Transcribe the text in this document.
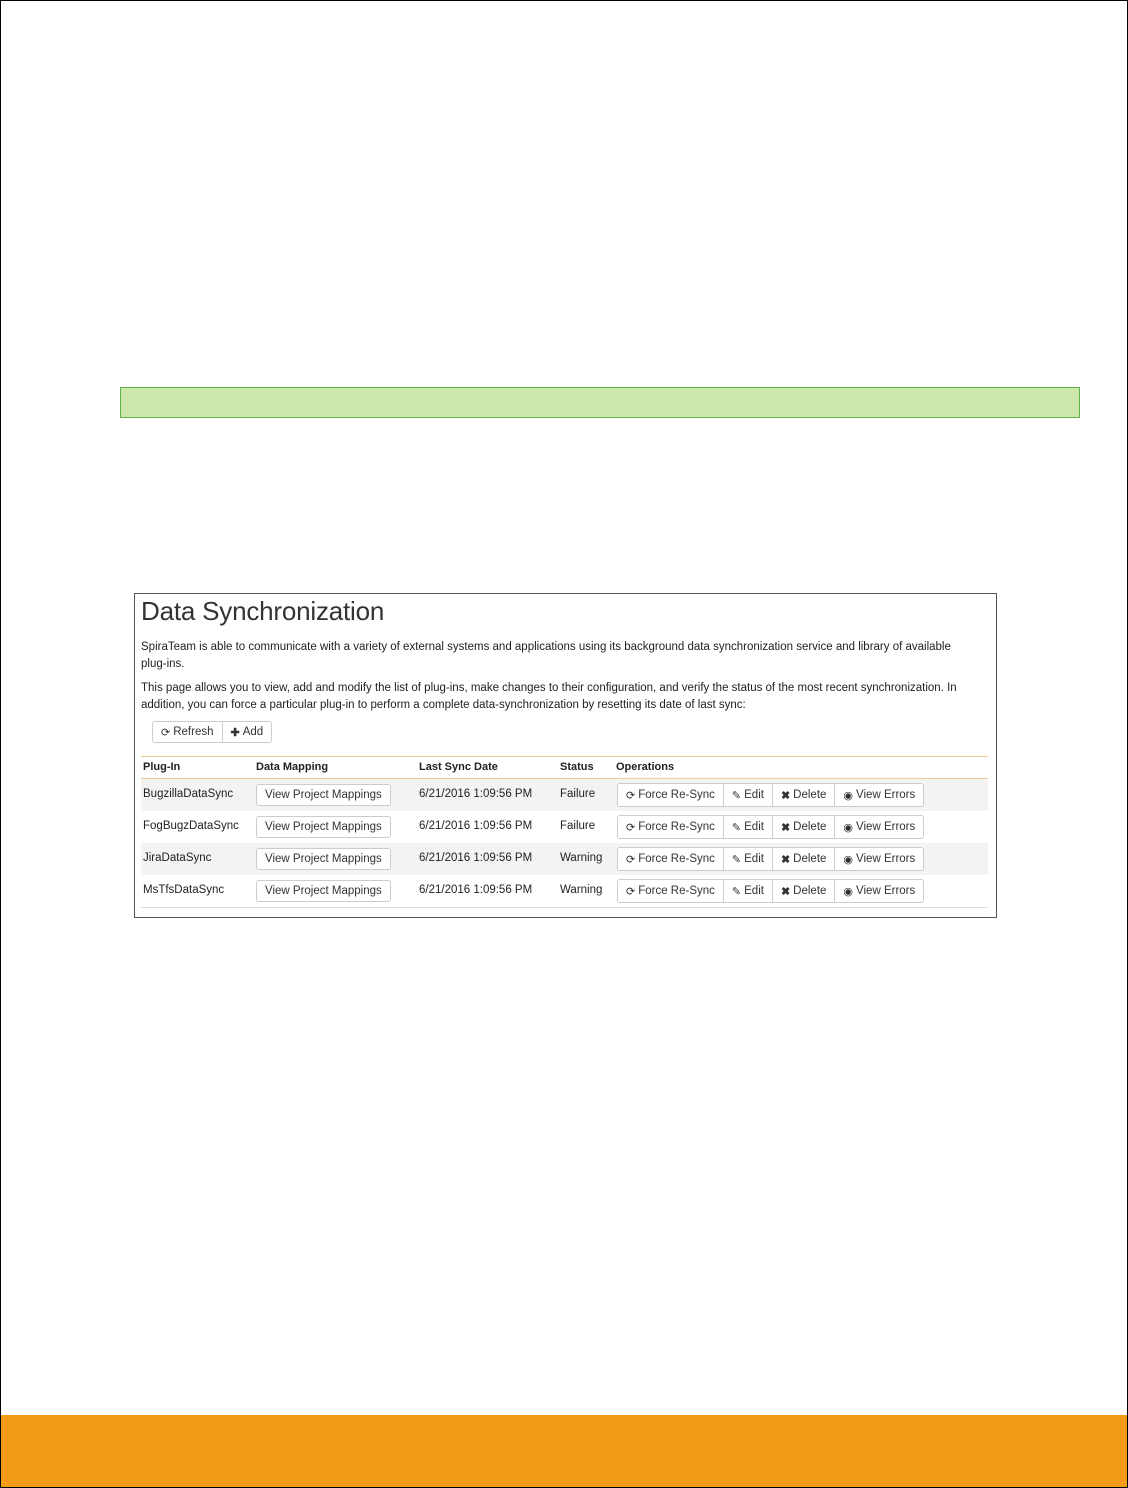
Data Synchronization

SpiraTeam is able to communicate with a variety of external systems and applications using its background data synchronization service and library of available plug-ins.

This page allows you to view, add and modify the list of plug-ins, make changes to their configuration, and verify the status of the most recent synchronization. In addition, you can force a particular plug-in to perform a complete data-synchronization by resetting its date of last sync:

⟳ Refresh ✚ Add
Plug-In	Data Mapping	Last Sync Date	Status Operations
BugzillaDataSync	View Project Mappings	6/21/2016 1:09:56 PM Failure	⟳ Force Re-Sync ✎ Edit ✖ Delete ◉ View Errors
FogBugzDataSync	View Project Mappings	6/21/2016 1:09:56 PM Failure	⟳ Force Re-Sync ✎ Edit ✖ Delete ◉ View Errors
JiraDataSync	View Project Mappings	6/21/2016 1:09:56 PM Warning ⟳ Force Re-Sync ✎ Edit ✖ Delete ◉ View Errors
MsTfsDataSync	View Project Mappings	6/21/2016 1:09:56 PM Warning ⟳ Force Re-Sync ✎ Edit ✖ Delete ◉ View Errors
